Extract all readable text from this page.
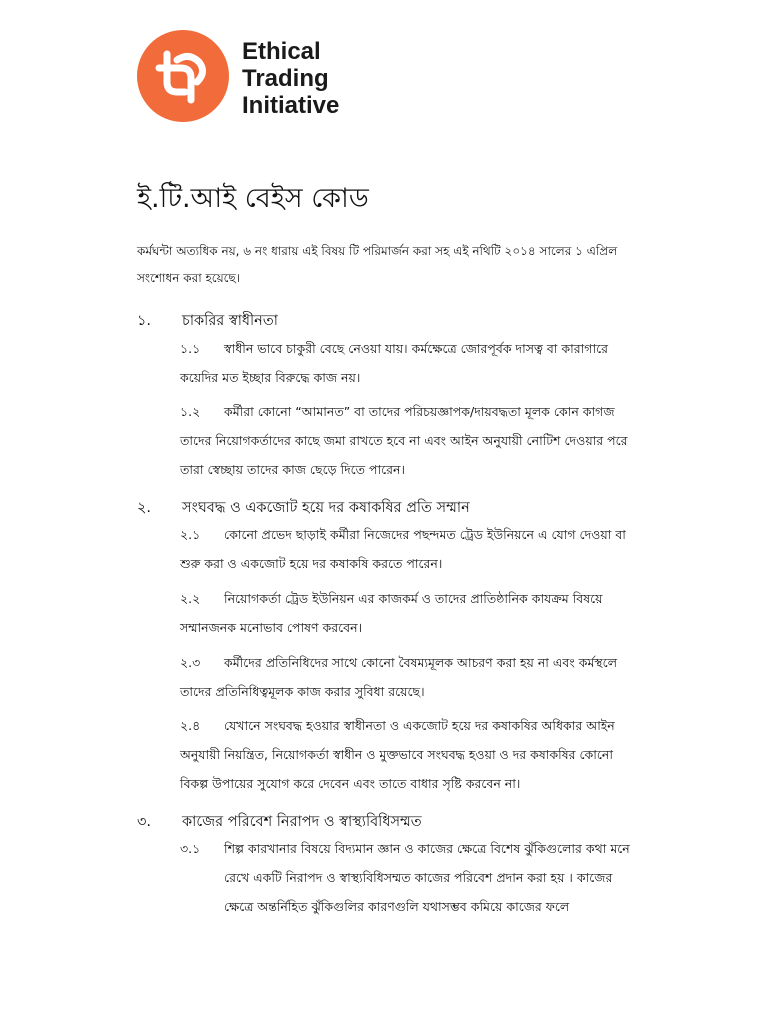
Ethical
Trading
Initiative
ই.টি.আই বেইস কোড
কর্মঘন্টা অত্যধিক নয়, ৬ নং ধারায় এই বিষয় টি পরিমার্জন করা সহ এই নথিটি ২০১৪ সালের ১ এপ্রিল সংশোধন করা হয়েছে।
১. চাকরির স্বাধীনতা
১.১	স্বাধীন ভাবে চাকুরী বেছে নেওয়া যায়। কর্মক্ষেত্রে জোরপূর্বক দাসত্ব বা কারাগারে কয়েদির মত ইচ্ছার বিরুদ্ধে কাজ নয়।
১.২	কর্মীরা কোনো “আমানত” বা তাদের পরিচয়জ্ঞাপক/দায়বদ্ধতা মূলক কোন কাগজ তাদের নিয়োগকর্তাদের কাছে জমা রাখতে হবে না এবং আইন অনুযায়ী নোটিশ দেওয়ার পরে তারা স্বেচ্ছায় তাদের কাজ ছেড়ে দিতে পারেন।
২. সংঘবদ্ধ ও একজোট হয়ে দর কষাকষির প্রতি সম্মান
২.১	কোনো প্রভেদ ছাড়াই কর্মীরা নিজেদের পছন্দমত ট্রেড ইউনিয়নে এ যোগ দেওয়া বা শুরু করা ও একজোট হয়ে দর কষাকষি করতে পারেন।
২.২	নিয়োগকর্তা ট্রেড ইউনিয়ন এর কাজকর্ম ও তাদের প্রাতিষ্ঠানিক কাযক্রম বিষয়ে সম্মানজনক মনোভাব পোষণ করবেন।
২.৩	কর্মীদের প্রতিনিধিদের সাথে কোনো বৈষম্যমূলক আচরণ করা হয় না এবং কর্মস্থলে তাদের প্রতিনিধিত্বমূলক কাজ করার সুবিধা রয়েছে।
২.৪	যেখানে সংঘবদ্ধ হওয়ার স্বাধীনতা ও একজোট হয়ে দর কষাকষির অধিকার আইন অনুযায়ী নিয়ন্ত্রিত, নিয়োগকর্তা স্বাধীন ও মুক্তভাবে সংঘবদ্ধ হওয়া ও দর কষাকষির কোনো বিকল্প উপায়ের সুযোগ করে দেবেন এবং তাতে বাধার সৃষ্টি করবেন না।
৩. কাজের পরিবেশ নিরাপদ ও স্বাস্থ্যবিধিসম্মত
৩.১ শিল্প কারখানার বিষয়ে বিদ্যমান জ্ঞান ও কাজের ক্ষেত্রে বিশেষ ঝুঁকিগুলোর কথা মনে রেখে একটি নিরাপদ ও স্বাস্থ্যবিধিসম্মত কাজের পরিবেশ প্রদান করা হয় । কাজের ক্ষেত্রে অন্তর্নিহিত ঝুঁকিগুলির কারণগুলি যথাসম্ভব কমিয়ে কাজের ফলে
